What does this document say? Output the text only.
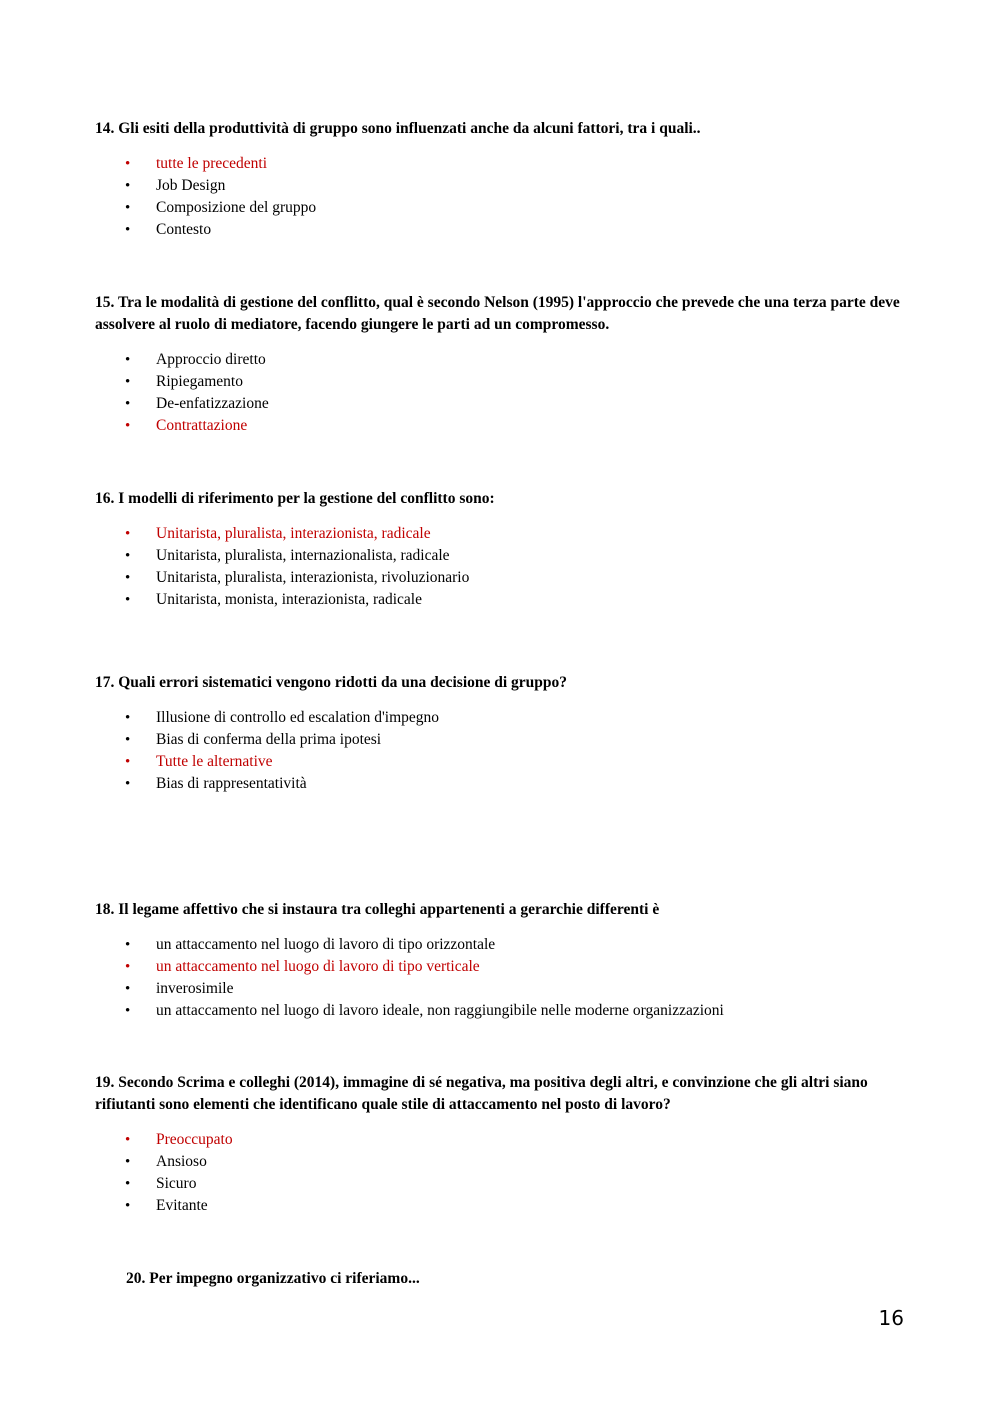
14. Gli esiti della produttività di gruppo sono influenzati anche da alcuni fattori, tra i quali..

• tutte le precedenti
• Job Design
• Composizione del gruppo
• Contesto

15. Tra le modalità di gestione del conflitto, qual è secondo Nelson (1995) l'approccio che prevede che una terza parte deve assolvere al ruolo di mediatore, facendo giungere le parti ad un compromesso.

• Approccio diretto
• Ripiegamento
• De-enfatizzazione
• Contrattazione

16. I modelli di riferimento per la gestione del conflitto sono:

• Unitarista, pluralista, interazionista, radicale
• Unitarista, pluralista, internazionalista, radicale
• Unitarista, pluralista, interazionista, rivoluzionario
• Unitarista, monista, interazionista, radicale

17. Quali errori sistematici vengono ridotti da una decisione di gruppo?

• Illusione di controllo ed escalation d'impegno
• Bias di conferma della prima ipotesi
• Tutte le alternative
• Bias di rappresentatività

18. Il legame affettivo che si instaura tra colleghi appartenenti a gerarchie differenti è

• un attaccamento nel luogo di lavoro di tipo orizzontale
• un attaccamento nel luogo di lavoro di tipo verticale
• inverosimile
• un attaccamento nel luogo di lavoro ideale, non raggiungibile nelle moderne organizzazioni

19. Secondo Scrima e colleghi (2014), immagine di sé negativa, ma positiva degli altri, e convinzione che gli altri siano rifiutanti sono elementi che identificano quale stile di attaccamento nel posto di lavoro?

• Preoccupato
• Ansioso
• Sicuro
• Evitante

20. Per impegno organizzativo ci riferiamo...

16
